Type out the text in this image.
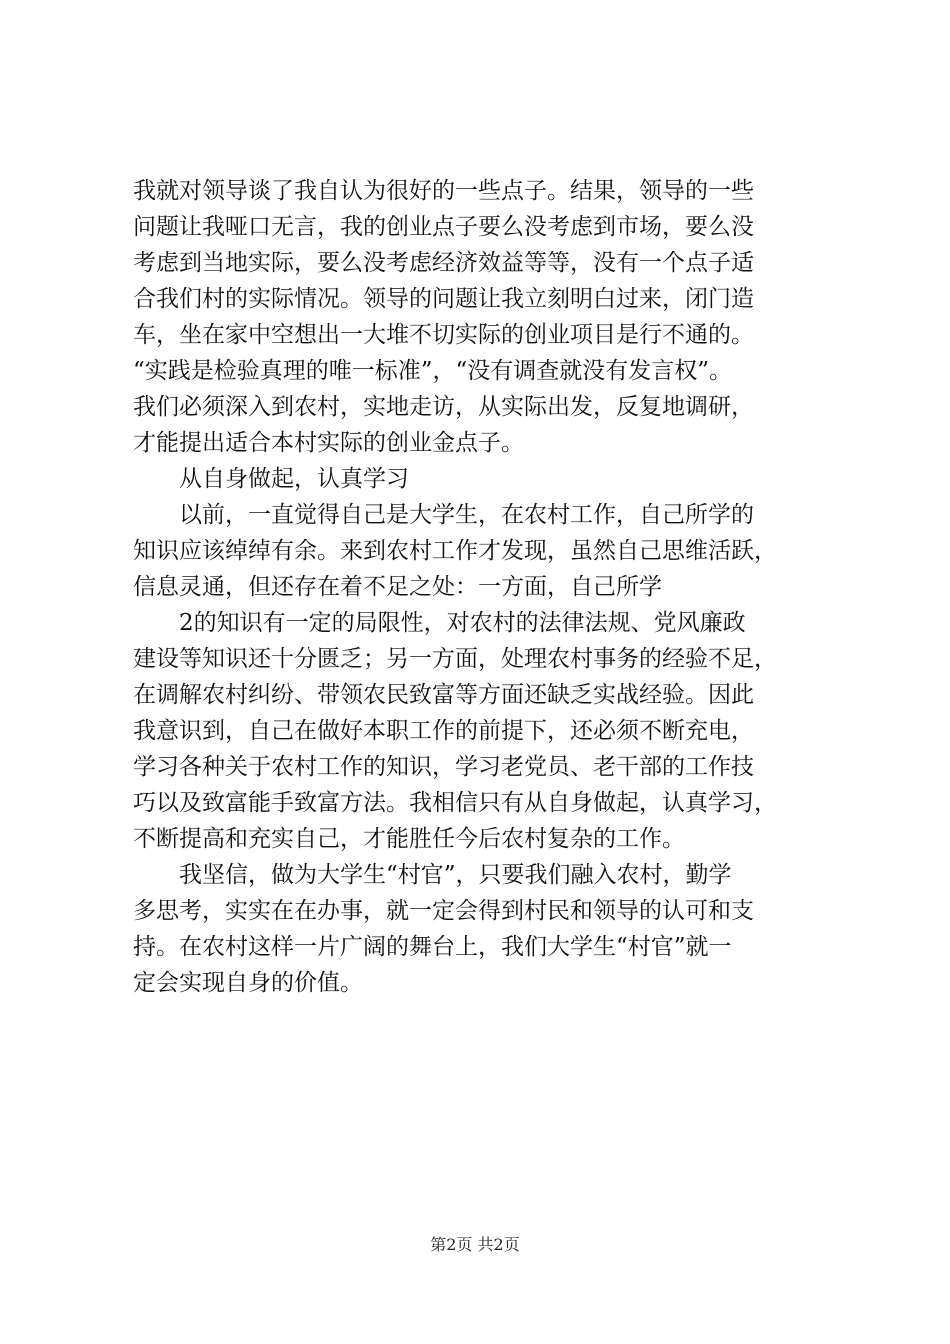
我就对领导谈了我自认为很好的一些点子。结果，领导的一些
问题让我哑口无言，我的创业点子要么没考虑到市场，要么没
考虑到当地实际，要么没考虑经济效益等等，没有一个点子适
合我们村的实际情况。领导的问题让我立刻明白过来，闭门造
车，坐在家中空想出一大堆不切实际的创业项目是行不通的。
“实践是检验真理的唯一标准”，“没有调查就没有发言权”。
我们必须深入到农村，实地走访，从实际出发，反复地调研，
才能提出适合本村实际的创业金点子。
从自身做起，认真学习
以前，一直觉得自己是大学生，在农村工作，自己所学的
知识应该绰绰有余。来到农村工作才发现，虽然自己思维活跃，
信息灵通，但还存在着不足之处：一方面，自己所学
2的知识有一定的局限性，对农村的法律法规、党风廉政
建设等知识还十分匮乏；另一方面，处理农村事务的经验不足，
在调解农村纠纷、带领农民致富等方面还缺乏实战经验。因此
我意识到，自己在做好本职工作的前提下，还必须不断充电，
学习各种关于农村工作的知识，学习老党员、老干部的工作技
巧以及致富能手致富方法。我相信只有从自身做起，认真学习，
不断提高和充实自己，才能胜任今后农村复杂的工作。
我坚信，做为大学生“村官”，只要我们融入农村，勤学
多思考，实实在在办事，就一定会得到村民和领导的认可和支
持。在农村这样一片广阔的舞台上，我们大学生“村官”就一
定会实现自身的价值。
第2页 共2页
